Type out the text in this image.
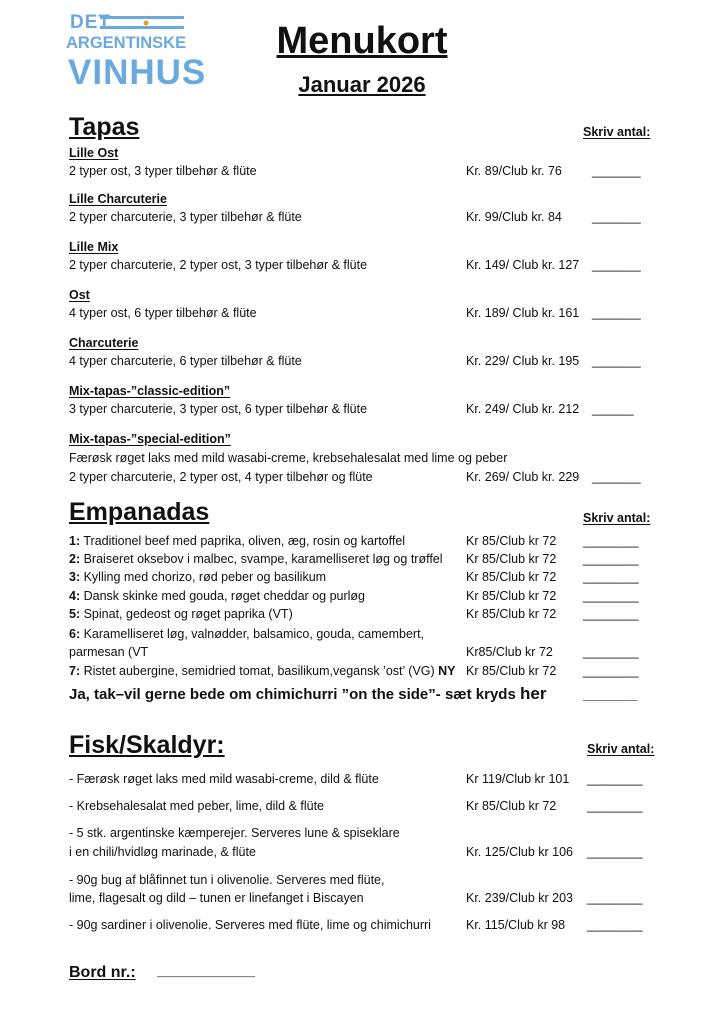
DET
ARGENTINSKE
VINHUS
Menukort
Januar 2026
Tapas	Skriv antal:
Lille Ost
2 typer ost, 3 typer tilbehør & flüte	Kr. 89/Club kr. 76 _______
Lille Charcuterie
2 typer charcuterie, 3 typer tilbehør & flüte	Kr. 99/Club kr. 84 _______
Lille Mix
2 typer charcuterie, 2 typer ost, 3 typer tilbehør & flüte	Kr. 149/ Club kr. 127 _______
Ost
4 typer ost, 6 typer tilbehør & flüte	Kr. 189/ Club kr. 161 _______
Charcuterie
4 typer charcuterie, 6 typer tilbehør & flüte	Kr. 229/ Club kr. 195 _______
Mix-tapas-”classic-edition”
3 typer charcuterie, 3 typer ost, 6 typer tilbehør & flüte	Kr. 249/ Club kr. 212 ______
Mix-tapas-”special-edition”
Færøsk røget laks med mild wasabi-creme, krebsehalesalat med lime og peber
2 typer charcuterie, 2 typer ost, 4 typer tilbehør og flüte	Kr. 269/ Club kr. 229 _______
Empanadas	Skriv antal:
1: Traditionel beef med paprika, oliven, æg, rosin og kartoffel	Kr 85/Club kr 72 ________
2: Braiseret oksebov i malbec, svampe, karamelliseret løg og trøffel Kr 85/Club kr 72 ________
3: Kylling med chorizo, rød peber og basilikum	Kr 85/Club kr 72 ________
4: Dansk skinke med gouda, røget cheddar og purløg	Kr 85/Club kr 72 ________
5: Spinat, gedeost og røget paprika (VT)	Kr 85/Club kr 72 ________
6: Karamelliseret løg, valnødder, balsamico, gouda, camembert,
parmesan (VT	Kr85/Club kr 72 ________
7: Ristet aubergine, semidried tomat, basilikum,vegansk ’ost’ (VG) NY Kr 85/Club kr 72 ________
Ja, tak–vil gerne bede om chimichurri ”on the side”- sæt kryds her	_______
Fisk/Skaldyr:	Skriv antal:
- Færøsk røget laks med mild wasabi-creme, dild & flüte	Kr 119/Club kr 101 ________
- Krebsehalesalat med peber, lime, dild & flüte	Kr 85/Club kr 72 ________
- 5 stk. argentinske kæmperejer. Serveres lune & spiseklare
i en chili/hvidløg marinade, & flüte	Kr. 125/Club kr 106 ________
- 90g bug af blåfinnet tun i olivenolie. Serveres med flüte,
lime, flagesalt og dild – tunen er linefanget i Biscayen	Kr. 239/Club kr 203 ________
- 90g sardiner i olivenolie. Serveres med flüte, lime og chimichurri	Kr. 115/Club kr 98 ________
Bord nr.: ___________
